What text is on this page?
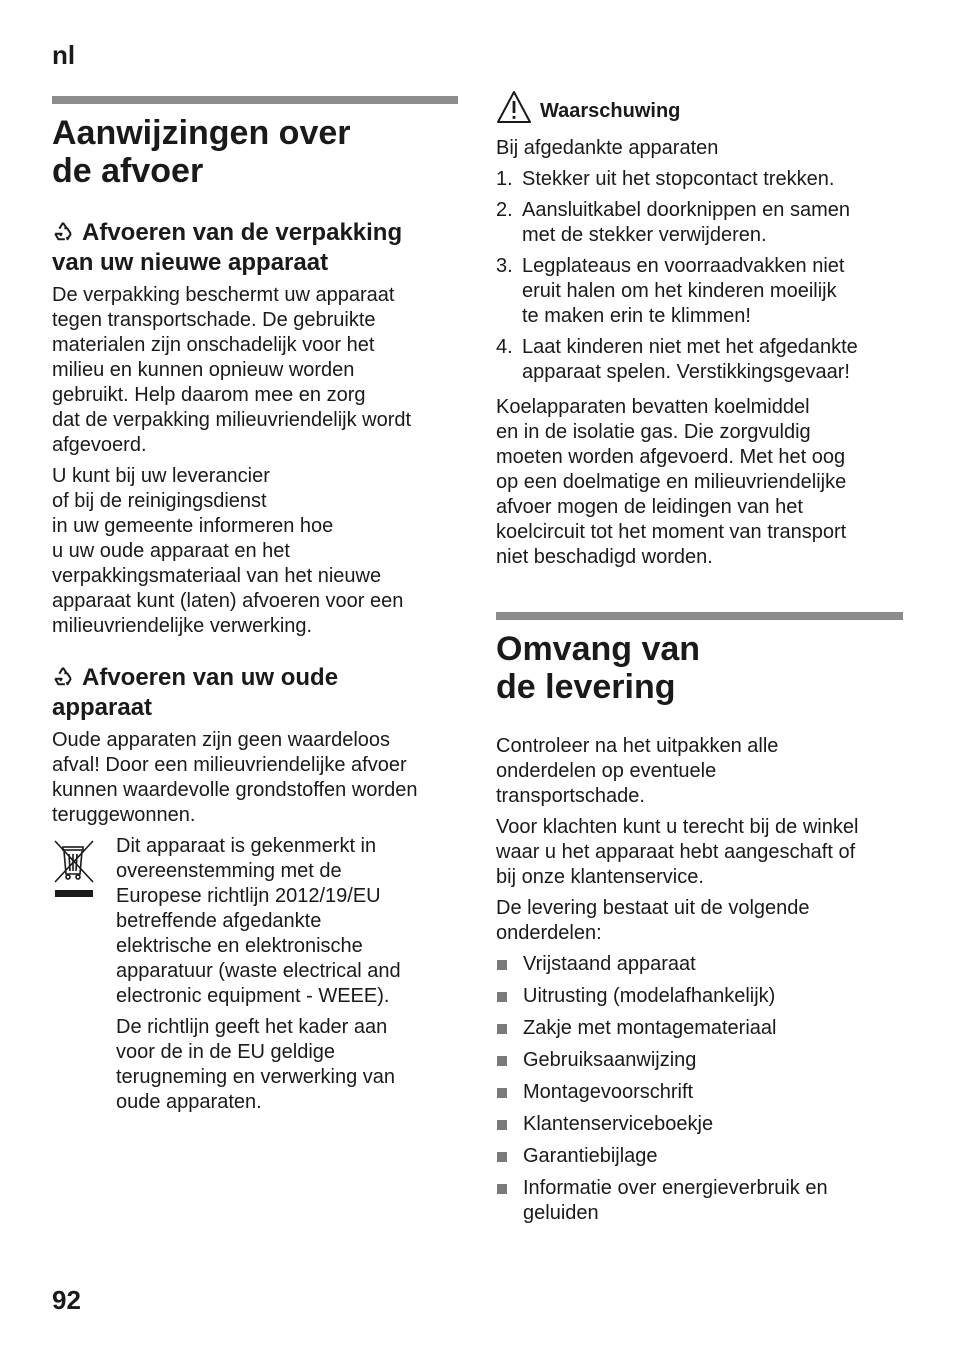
nl
Aanwijzingen over
de afvoer
Afvoeren van de verpakking
van uw nieuwe apparaat

De verpakking beschermt uw apparaat
tegen transportschade. De gebruikte
materialen zijn onschadelijk voor het
milieu en kunnen opnieuw worden
gebruikt. Help daarom mee en zorg
dat de verpakking milieuvriendelijk wordt
afgevoerd.

U kunt bij uw leverancier
of bij de reinigingsdienst
in uw gemeente informeren hoe
u uw oude apparaat en het
verpakkingsmateriaal van het nieuwe
apparaat kunt (laten) afvoeren voor een
milieuvriendelijke verwerking.

Afvoeren van uw oude
apparaat

Oude apparaten zijn geen waardeloos
afval! Door een milieuvriendelijke afvoer
kunnen waardevolle grondstoffen worden
teruggewonnen.

Dit apparaat is gekenmerkt in
overeenstemming met de
Europese richtlijn 2012/19/EU
betreffende afgedankte
elektrische en elektronische
apparatuur (waste electrical and
electronic equipment - WEEE).

De richtlijn geeft het kader aan
voor de in de EU geldige
terugneming en verwerking van
oude apparaten.

Waarschuwing

Bij afgedankte apparaten

1. Stekker uit het stopcontact trekken.
2. Aansluitkabel doorknippen en samen
met de stekker verwijderen.
3. Legplateaus en voorraadvakken niet
eruit halen om het kinderen moeilijk
te maken erin te klimmen!
4. Laat kinderen niet met het afgedankte
apparaat spelen. Verstikkingsgevaar!

Koelapparaten bevatten koelmiddel
en in de isolatie gas. Die zorgvuldig
moeten worden afgevoerd. Met het oog
op een doelmatige en milieuvriendelijke
afvoer mogen de leidingen van het
koelcircuit tot het moment van transport
niet beschadigd worden.

Omvang van
de levering

Controleer na het uitpakken alle
onderdelen op eventuele
transportschade.

Voor klachten kunt u terecht bij de winkel
waar u het apparaat hebt aangeschaft of
bij onze klantenservice.

De levering bestaat uit de volgende
onderdelen:

Vrijstaand apparaat
Uitrusting (modelafhankelijk)
Zakje met montagemateriaal
Gebruiksaanwijzing
Montagevoorschrift
Klantenserviceboekje
Garantiebijlage
Informatie over energieverbruik en
geluiden
92
